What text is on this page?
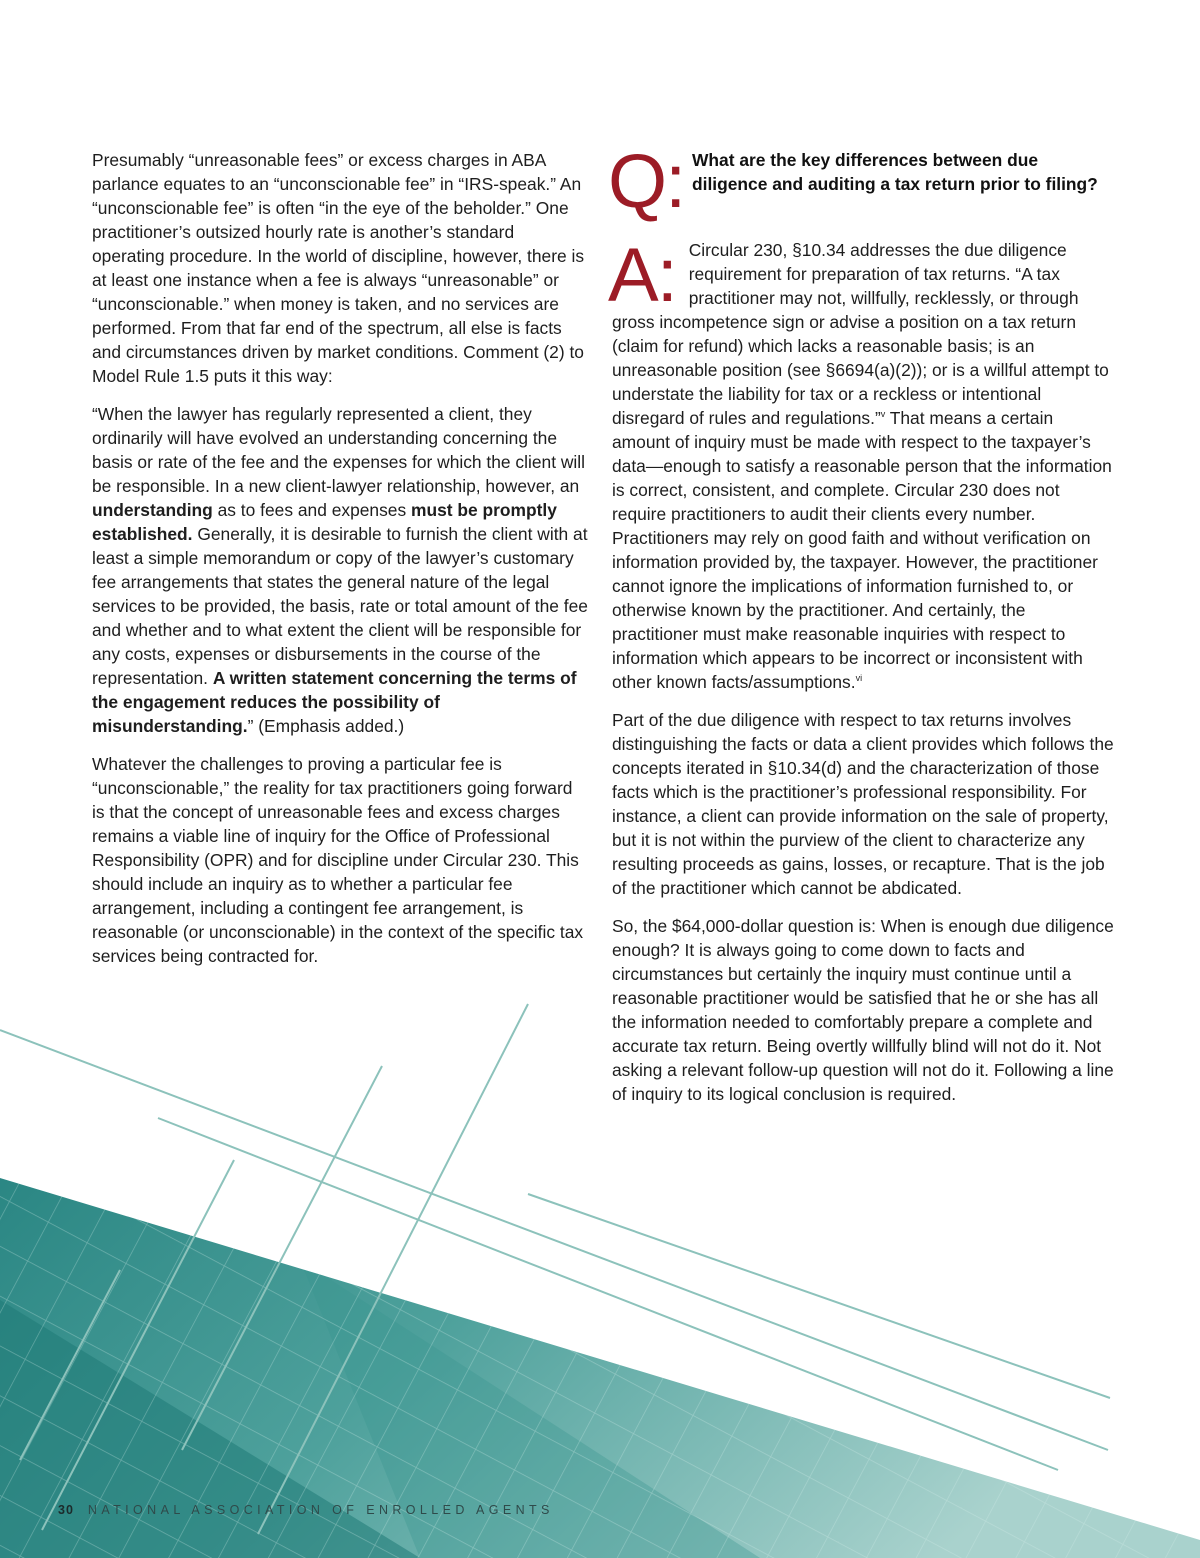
Presumably “unreasonable fees” or excess charges in ABA parlance equates to an “unconscionable fee” in “IRS-speak.” An “unconscionable fee” is often “in the eye of the beholder.” One practitioner’s outsized hourly rate is another’s standard operating procedure. In the world of discipline, however, there is at least one instance when a fee is always “unreasonable” or “unconscionable.” when money is taken, and no services are performed. From that far end of the spectrum, all else is facts and circumstances driven by market conditions. Comment (2) to Model Rule 1.5 puts it this way:

“When the lawyer has regularly represented a client, they ordinarily will have evolved an understanding concerning the basis or rate of the fee and the expenses for which the client will be responsible. In a new client-lawyer relationship, however, an understanding as to fees and expenses must be promptly established. Generally, it is desirable to furnish the client with at least a simple memorandum or copy of the lawyer’s customary fee arrangements that states the general nature of the legal services to be provided, the basis, rate or total amount of the fee and whether and to what extent the client will be responsible for any costs, expenses or disbursements in the course of the representation. A written statement concerning the terms of the engagement reduces the possibility of misunderstanding.” (Emphasis added.)

Whatever the challenges to proving a particular fee is “unconscionable,” the reality for tax practitioners going forward is that the concept of unreasonable fees and excess charges remains a viable line of inquiry for the Office of Professional Responsibility (OPR) and for discipline under Circular 230. This should include an inquiry as to whether a particular fee arrangement, including a contingent fee arrangement, is reasonable (or unconscionable) in the context of the specific tax services being contracted for.

Q: What are the key differences between due diligence and auditing a tax return prior to filing?

A: Circular 230, §10.34 addresses the due diligence requirement for preparation of tax returns. “A tax practitioner may not, willfully, recklessly, or through gross incompetence sign or advise a position on a tax return (claim for refund) which lacks a reasonable basis; is an unreasonable position (see §6694(a)(2)); or is a willful attempt to understate the liability for tax or a reckless or intentional disregard of rules and regulations.”$^v$ That means a certain amount of inquiry must be made with respect to the taxpayer’s data—enough to satisfy a reasonable person that the information is correct, consistent, and complete. Circular 230 does not require practitioners to audit their clients every number. Practitioners may rely on good faith and without verification on information provided by, the taxpayer. However, the practitioner cannot ignore the implications of information furnished to, or otherwise known by the practitioner. And certainly, the practitioner must make reasonable inquiries with respect to information which appears to be incorrect or inconsistent with other known facts/assumptions.$^{vi}$

Part of the due diligence with respect to tax returns involves distinguishing the facts or data a client provides which follows the concepts iterated in §10.34(d) and the characterization of those facts which is the practitioner’s professional responsibility. For instance, a client can provide information on the sale of property, but it is not within the purview of the client to characterize any resulting proceeds as gains, losses, or recapture. That is the job of the practitioner which cannot be abdicated.

So, the $64,000-dollar question is: When is enough due diligence enough? It is always going to come down to facts and circumstances but certainly the inquiry must continue until a reasonable practitioner would be satisfied that he or she has all the information needed to comfortably prepare a complete and accurate tax return. Being overtly willfully blind will not do it. Not asking a relevant follow-up question will not do it. Following a line of inquiry to its logical conclusion is required.

30 NATIONAL ASSOCIATION OF ENROLLED AGENTS
